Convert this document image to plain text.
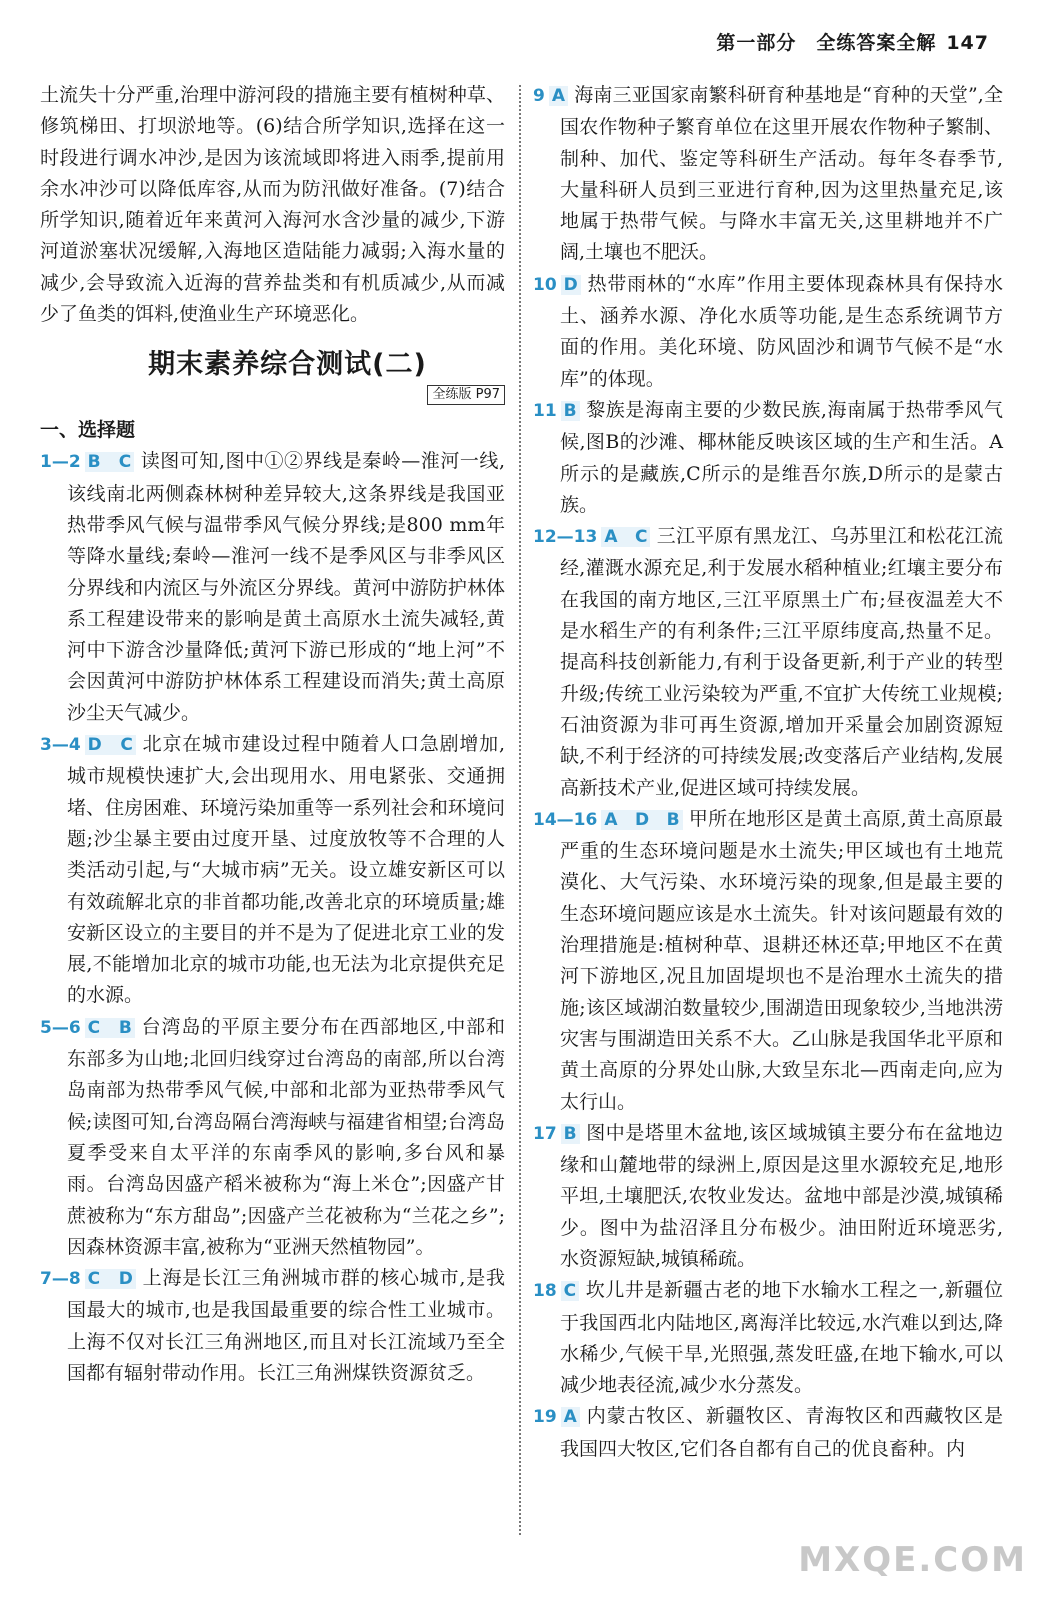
第一部分　全练答案全解 147

土流失十分严重,治理中游河段的措施主要有植树种草、修筑梯田、打坝淤地等。(6)结合所学知识,选择在这一时段进行调水冲沙,是因为该流域即将进入雨季,提前用余水冲沙可以降低库容,从而为防汛做好准备。(7)结合所学知识,随着近年来黄河入海河水含沙量的减少,下游河道淤塞状况缓解,入海地区造陆能力减弱;入海水量的减少,会导致流入近海的营养盐类和有机质减少,从而减少了鱼类的饵料,使渔业生产环境恶化。

期末素养综合测试(二)
全练版 P97
一、选择题

1—2 B　C 读图可知,图中①②界线是秦岭—淮河一线,该线南北两侧森林树种差异较大,这条界线是我国亚热带季风气候与温带季风气候分界线;是800 mm年等降水量线;秦岭—淮河一线不是季风区与非季风区分界线和内流区与外流区分界线。黄河中游防护林体系工程建设带来的影响是黄土高原水土流失减轻,黄河中下游含沙量降低;黄河下游已形成的“地上河”不会因黄河中游防护林体系工程建设而消失;黄土高原沙尘天气减少。

3—4 D　C 北京在城市建设过程中随着人口急剧增加,城市规模快速扩大,会出现用水、用电紧张、交通拥堵、住房困难、环境污染加重等一系列社会和环境问题;沙尘暴主要由过度开垦、过度放牧等不合理的人类活动引起,与“大城市病”无关。设立雄安新区可以有效疏解北京的非首都功能,改善北京的环境质量;雄安新区设立的主要目的并不是为了促进北京工业的发展,不能增加北京的城市功能,也无法为北京提供充足的水源。

5—6 C　B 台湾岛的平原主要分布在西部地区,中部和东部多为山地;北回归线穿过台湾岛的南部,所以台湾岛南部为热带季风气候,中部和北部为亚热带季风气候;读图可知,台湾岛隔台湾海峡与福建省相望;台湾岛夏季受来自太平洋的东南季风的影响,多台风和暴雨。台湾岛因盛产稻米被称为“海上米仓”;因盛产甘蔗被称为“东方甜岛”;因盛产兰花被称为“兰花之乡”;因森林资源丰富,被称为“亚洲天然植物园”。

7—8 C　D 上海是长江三角洲城市群的核心城市,是我国最大的城市,也是我国最重要的综合性工业城市。上海不仅对长江三角洲地区,而且对长江流域乃至全国都有辐射带动作用。长江三角洲煤铁资源贫乏。

9 A 海南三亚国家南繁科研育种基地是“育种的天堂”,全国农作物种子繁育单位在这里开展农作物种子繁制、制种、加代、鉴定等科研生产活动。每年冬春季节,大量科研人员到三亚进行育种,因为这里热量充足,该地属于热带气候。与降水丰富无关,这里耕地并不广阔,土壤也不肥沃。

10 D 热带雨林的“水库”作用主要体现森林具有保持水土、涵养水源、净化水质等功能,是生态系统调节方面的作用。美化环境、防风固沙和调节气候不是“水库”的体现。

11 B 黎族是海南主要的少数民族,海南属于热带季风气候,图B的沙滩、椰林能反映该区域的生产和生活。A所示的是藏族,C所示的是维吾尔族,D所示的是蒙古族。

12—13 A　C 三江平原有黑龙江、乌苏里江和松花江流经,灌溉水源充足,利于发展水稻种植业;红壤主要分布在我国的南方地区,三江平原黑土广布;昼夜温差大不是水稻生产的有利条件;三江平原纬度高,热量不足。提高科技创新能力,有利于设备更新,利于产业的转型升级;传统工业污染较为严重,不宜扩大传统工业规模;石油资源为非可再生资源,增加开采量会加剧资源短缺,不利于经济的可持续发展;改变落后产业结构,发展高新技术产业,促进区域可持续发展。

14—16 A　D　B 甲所在地形区是黄土高原,黄土高原最严重的生态环境问题是水土流失;甲区域也有土地荒漠化、大气污染、水环境污染的现象,但是最主要的生态环境问题应该是水土流失。针对该问题最有效的治理措施是:植树种草、退耕还林还草;甲地区不在黄河下游地区,况且加固堤坝也不是治理水土流失的措施;该区域湖泊数量较少,围湖造田现象较少,当地洪涝灾害与围湖造田关系不大。乙山脉是我国华北平原和黄土高原的分界处山脉,大致呈东北—西南走向,应为太行山。

17 B 图中是塔里木盆地,该区域城镇主要分布在盆地边缘和山麓地带的绿洲上,原因是这里水源较充足,地形平坦,土壤肥沃,农牧业发达。盆地中部是沙漠,城镇稀少。图中为盐沼泽且分布极少。油田附近环境恶劣,水资源短缺,城镇稀疏。

18 C 坎儿井是新疆古老的地下水输水工程之一,新疆位于我国西北内陆地区,离海洋比较远,水汽难以到达,降水稀少,气候干旱,光照强,蒸发旺盛,在地下输水,可以减少地表径流,减少水分蒸发。

19 A 内蒙古牧区、新疆牧区、青海牧区和西藏牧区是我国四大牧区,它们各自都有自己的优良畜种。内

MXQE.COM
